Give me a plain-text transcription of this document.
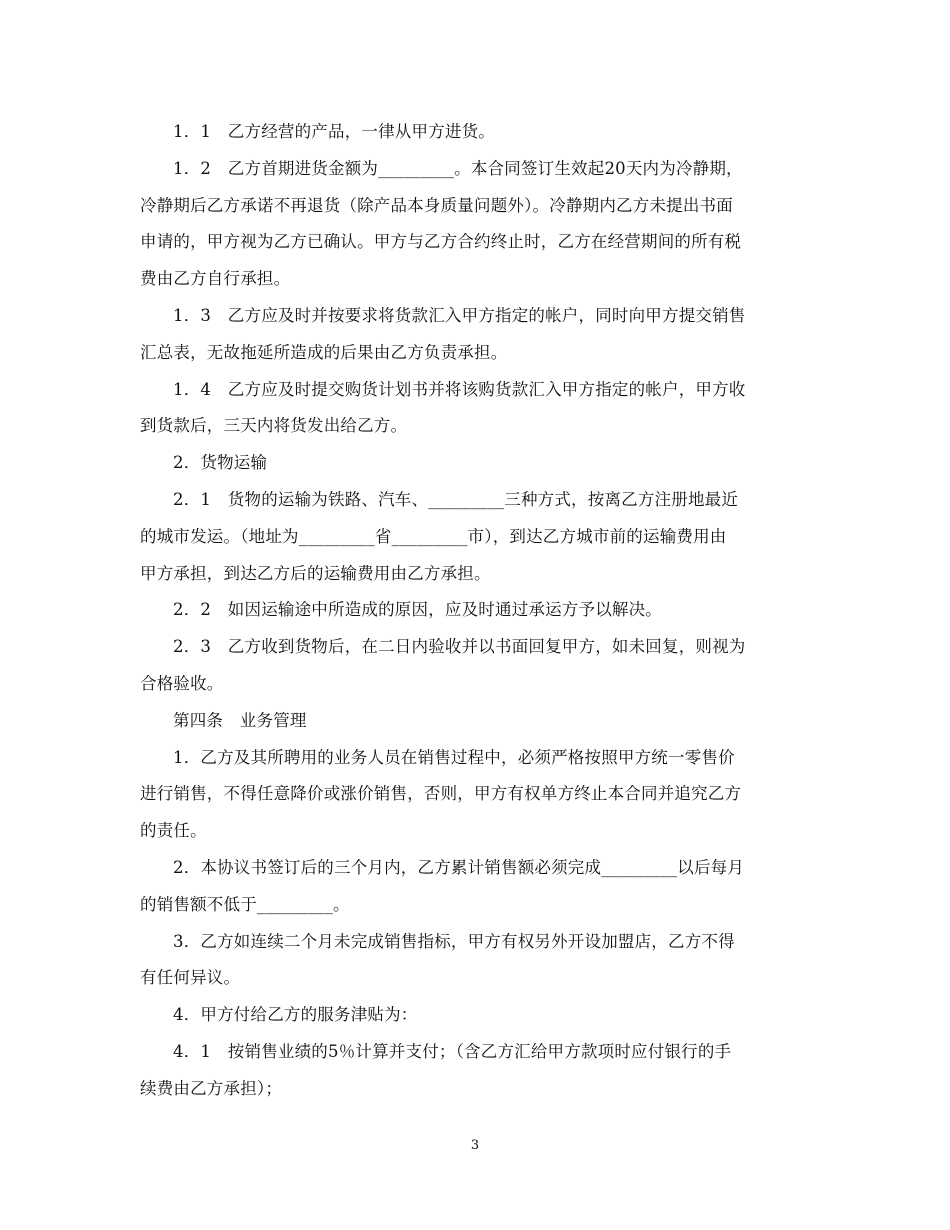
1．1　乙方经营的产品，一律从甲方进货。
1．2　乙方首期进货金额为_________。本合同签订生效起20天内为冷静期，
冷静期后乙方承诺不再退货（除产品本身质量问题外）。冷静期内乙方未提出书面
申请的，甲方视为乙方已确认。甲方与乙方合约终止时，乙方在经营期间的所有税
费由乙方自行承担。
1．3　乙方应及时并按要求将货款汇入甲方指定的帐户，同时向甲方提交销售
汇总表，无故拖延所造成的后果由乙方负责承担。
1．4　乙方应及时提交购货计划书并将该购货款汇入甲方指定的帐户，甲方收
到货款后，三天内将货发出给乙方。
2．货物运输
2．1　货物的运输为铁路、汽车、_________三种方式，按离乙方注册地最近
的城市发运。（地址为_________省_________市），到达乙方城市前的运输费用由
甲方承担，到达乙方后的运输费用由乙方承担。
2．2　如因运输途中所造成的原因，应及时通过承运方予以解决。
2．3　乙方收到货物后，在二日内验收并以书面回复甲方，如未回复，则视为
合格验收。
第四条　业务管理
1．乙方及其所聘用的业务人员在销售过程中，必须严格按照甲方统一零售价
进行销售，不得任意降价或涨价销售，否则，甲方有权单方终止本合同并追究乙方
的责任。
2．本协议书签订后的三个月内，乙方累计销售额必须完成_________以后每月
的销售额不低于_________。
3．乙方如连续二个月未完成销售指标，甲方有权另外开设加盟店，乙方不得
有任何异议。
4．甲方付给乙方的服务津贴为：
4．1　按销售业绩的5％计算并支付；（含乙方汇给甲方款项时应付银行的手
续费由乙方承担）；
3
